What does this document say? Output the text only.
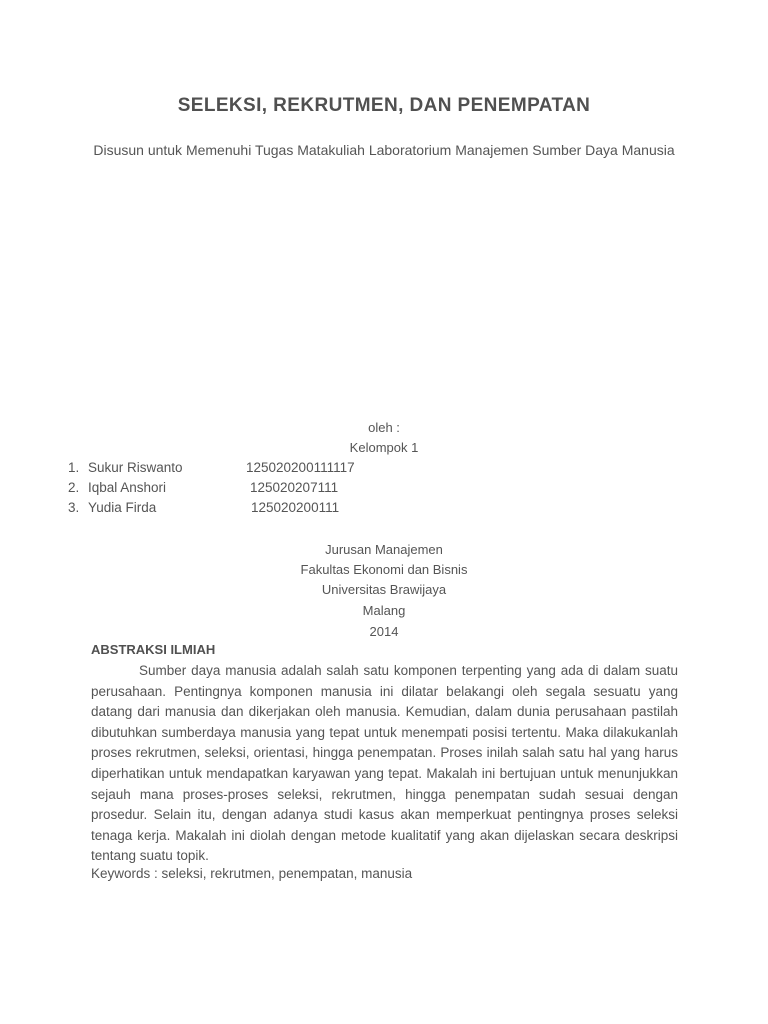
SELEKSI, REKRUTMEN, DAN PENEMPATAN
Disusun untuk Memenuhi Tugas Matakuliah Laboratorium Manajemen Sumber Daya Manusia
oleh :
Kelompok 1
1. Sukur Riswanto	125020200111117
2. Iqbal Anshori	125020207111
3. Yudia Firda	125020200111
Jurusan Manajemen
Fakultas Ekonomi dan Bisnis
Universitas Brawijaya
Malang
2014
ABSTRAKSI ILMIAH

Sumber daya manusia adalah salah satu komponen terpenting yang ada di dalam suatu perusahaan. Pentingnya komponen manusia ini dilatar belakangi oleh segala sesuatu yang datang dari manusia dan dikerjakan oleh manusia. Kemudian, dalam dunia perusahaan pastilah dibutuhkan sumberdaya manusia yang tepat untuk menempati posisi tertentu. Maka dilakukanlah proses rekrutmen, seleksi, orientasi, hingga penempatan. Proses inilah salah satu hal yang harus diperhatikan untuk mendapatkan karyawan yang tepat. Makalah ini bertujuan untuk menunjukkan sejauh mana proses-proses seleksi, rekrutmen, hingga penempatan sudah sesuai dengan prosedur. Selain itu, dengan adanya studi kasus akan memperkuat pentingnya proses seleksi tenaga kerja. Makalah ini diolah dengan metode kualitatif yang akan dijelaskan secara deskripsi tentang suatu topik.

Keywords : seleksi, rekrutmen, penempatan, manusia
